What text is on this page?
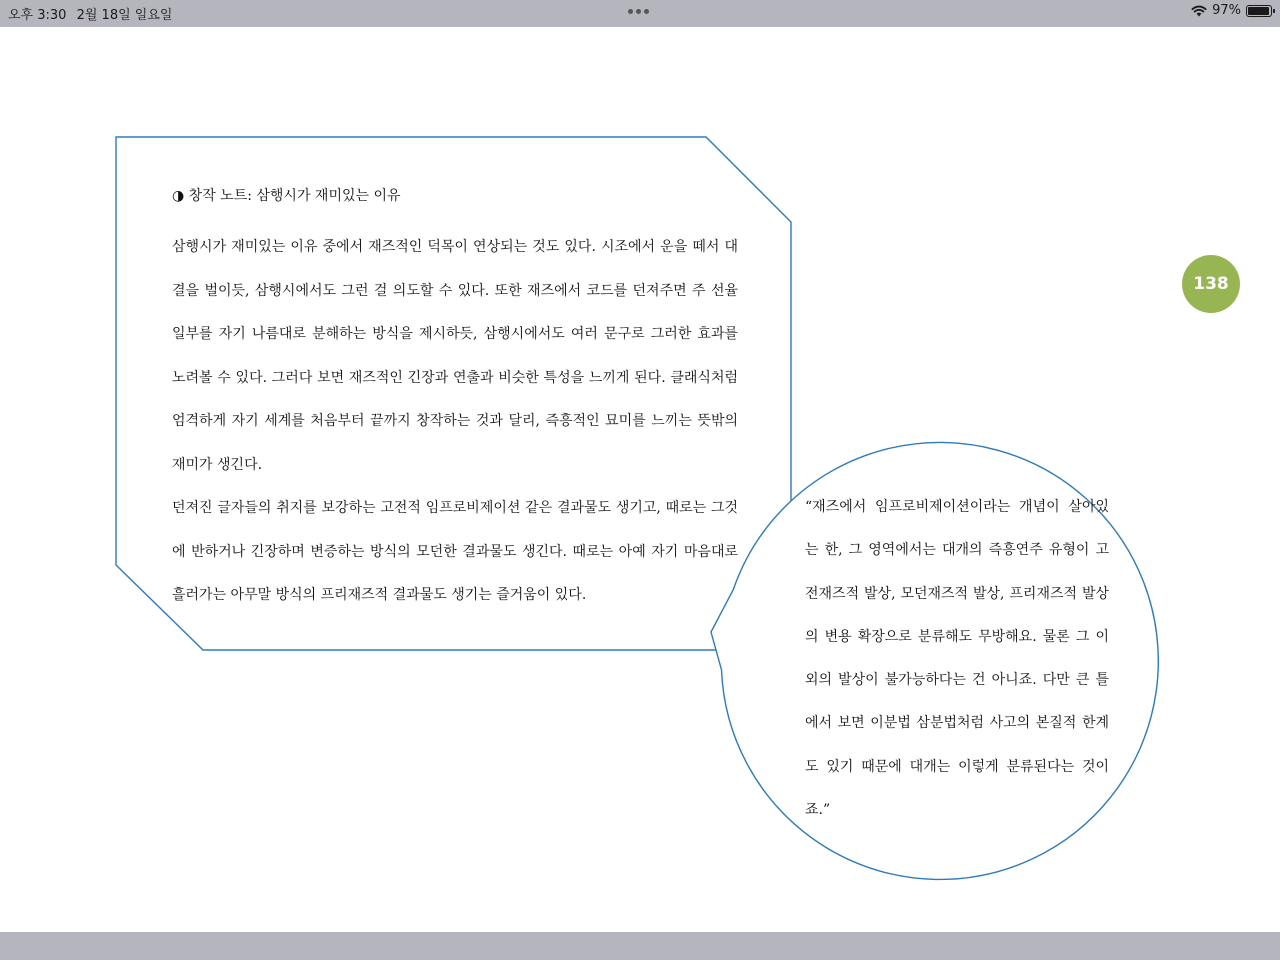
오후 3:30 2월 18일 일요일	97%
◑ 창작 노트: 삼행시가 재미있는 이유

삼행시가 재미있는 이유 중에서 재즈적인 덕목이 연상되는 것도 있다. 시조에서 운을 떼서 대결을 벌이듯, 삼행시에서도 그런 걸 의도할 수 있다. 또한 재즈에서 코드를 던져주면 주 선율 일부를 자기 나름대로 분해하는 방식을 제시하듯, 삼행시에서도 여러 문구로 그러한 효과를 노려볼 수 있다. 그러다 보면 재즈적인 긴장과 연출과 비슷한 특성을 느끼게 된다. 클래식처럼 엄격하게 자기 세계를 처음부터 끝까지 창작하는 것과 달리, 즉흥적인 묘미를 느끼는 뜻밖의 재미가 생긴다.

던져진 글자들의 취지를 보강하는 고전적 임프로비제이션 같은 결과물도 생기고, 때로는 그것에 반하거나 긴장하며 변증하는 방식의 모던한 결과물도 생긴다. 때로는 아예 자기 마음대로 흘러가는 아무말 방식의 프리재즈적 결과물도 생기는 즐거움이 있다.

“재즈에서 임프로비제이션이라는 개념이 살아있는 한, 그 영역에서는 대개의 즉흥연주 유형이 고전재즈적 발상, 모던재즈적 발상, 프리재즈적 발상의 변용 확장으로 분류해도 무방해요. 물론 그 이외의 발상이 불가능하다는 건 아니죠. 다만 큰 틀에서 보면 이분법 삼분법처럼 사고의 본질적 한계도 있기 때문에 대개는 이렇게 분류된다는 것이죠.”
138
